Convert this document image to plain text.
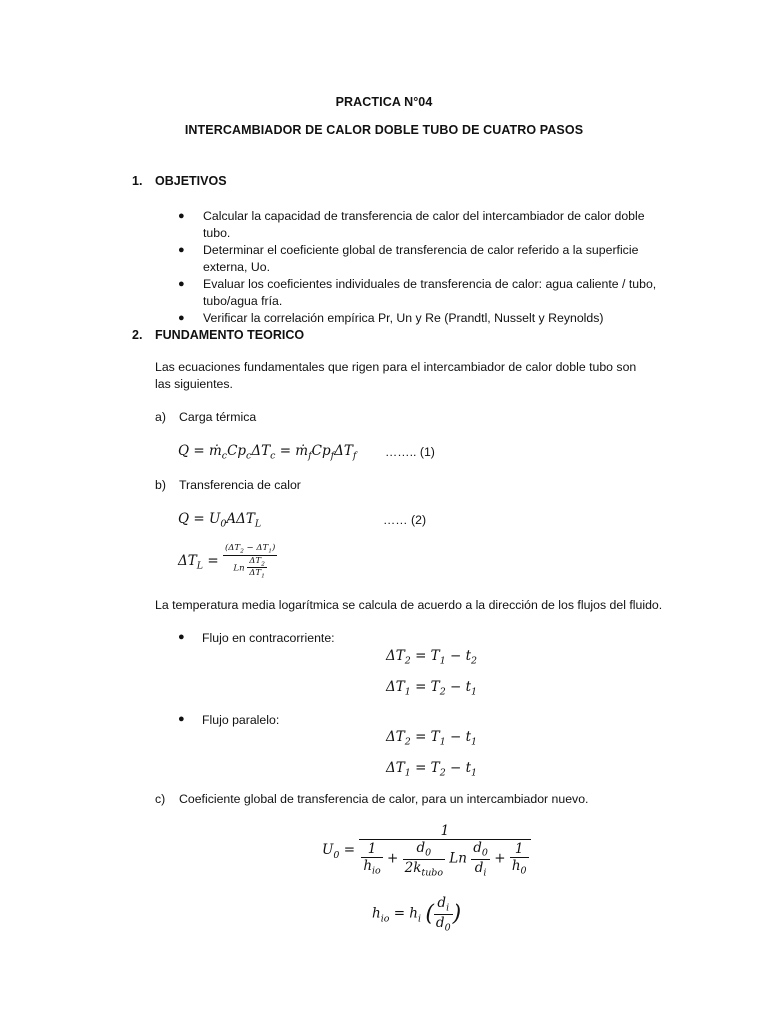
PRACTICA N°04
INTERCAMBIADOR DE CALOR DOBLE TUBO DE CUATRO PASOS
1. OBJETIVOS

● Calcular la capacidad de transferencia de calor del intercambiador de calor doble tubo.

● Determinar el coeficiente global de transferencia de calor referido a la superficie externa, Uo.

● Evaluar los coeficientes individuales de transferencia de calor: agua caliente / tubo, tubo/agua fría.

● Verificar la correlación empírica Pr, Un y Re (Prandtl, Nusselt y Reynolds)

2. FUNDAMENTO TEORICO
Las ecuaciones fundamentales que rigen para el intercambiador de calor doble tubo son las siguientes.
a) Carga térmica
$Q = ṁ_cCp_c\Delta T_c$ = $ṁ_fCp_f\Delta T_f$ …….. (1)
b) Transferencia de calor
$Q = U_0A\Delta T_L$	…… (2)
$\Delta T_L = \frac{(\Delta T_2 - \Delta T_1)}{Ln \frac{\Delta T_2}{\Delta T_1}}$
La temperatura media logarítmica se calcula de acuerdo a la dirección de los flujos del fluido.
● Flujo en contracorriente:
$\Delta T_2 = T_1 - t_2$
$\Delta T_1 = T_2 - t_1$
● Flujo paralelo:
$\Delta T_2 = T_1 - t_1$
$\Delta T_1 = T_2 - t_1$
c) Coeficiente global de transferencia de calor, para un intercambiador nuevo.
$U_0$ =
1
$\frac{1}{h_{io}} + \frac{d_0}{2k_{tubo}}$ Ln $\frac{d_0}{d_i} + \frac{1}{h_0}$
$h_{io} = h_i$ ( $\frac{d_i}{d_0}$ )
